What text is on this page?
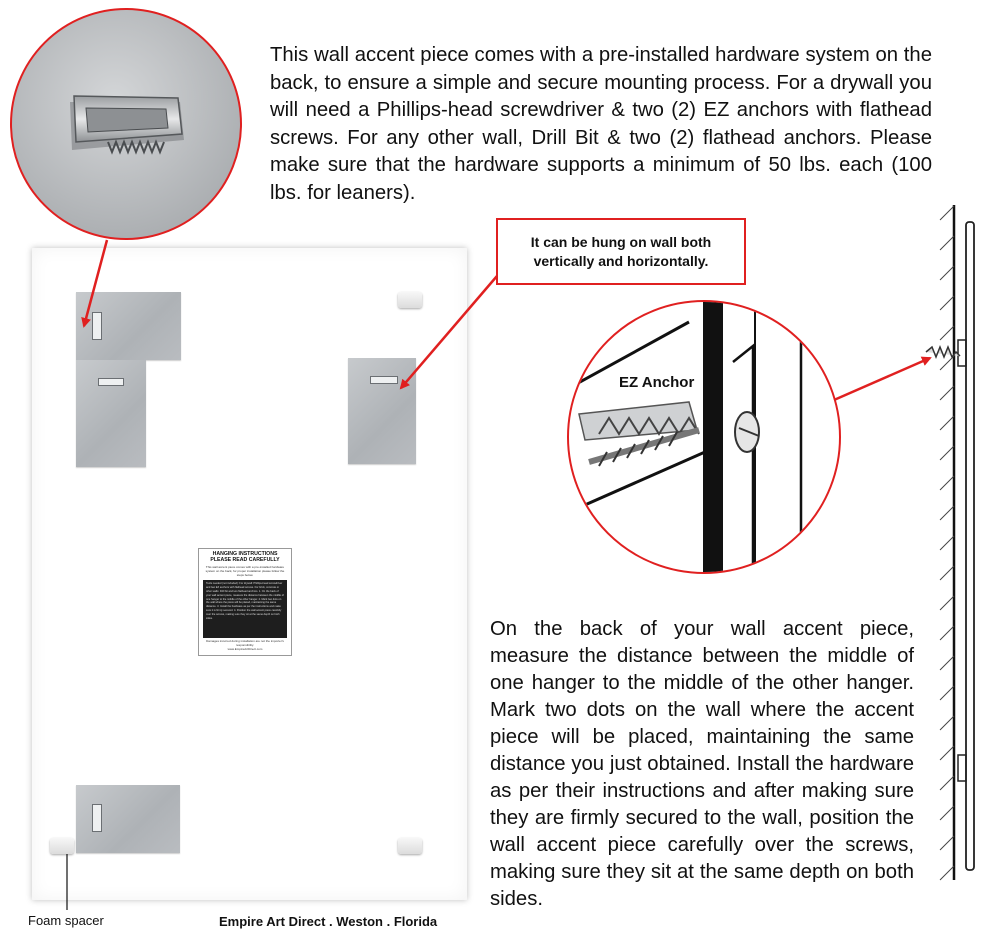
This wall accent piece comes with a pre-installed hardware system on the back, to ensure a simple and secure mounting process. For a drywall you will need a Phillips-head screwdriver & two (2) EZ anchors with flathead screws. For any other wall, Drill Bit & two (2) flathead anchors. Please make sure that the hardware supports a minimum of 50 lbs. each (100 lbs. for leaners).

HANGING INSTRUCTIONS
PLEASE READ CAREFULLY
This wall accent piece comes with a pre-installed hardware system on the back, for proper installation please follow the steps below.
Tools needed (not included): For drywall: Phillips-head screwdriver and two EZ anchors with flathead screws. For brick, concrete or other walls: Drill bit and two flathead anchors. 1. On the back of your wall accent piece, measure the distance between the middle of one hanger to the middle of the other hanger. 2. Mark two dots on the wall where the piece will be placed, maintaining the same distance. 3. Install the hardware as per the instructions and make sure it is firmly secured. 4. Position the wall accent piece carefully over the screws, making sure they sit at the same depth on both sides.
Damages incurred during installation are not the importer's responsibility.
www.EmpireArtDirect.com
It can be hung on wall both vertically and horizontally.
EZ Anchor

On the back of your wall accent piece, measure the distance between the middle of one hanger to the middle of the other hanger. Mark two dots on the wall where the accent piece will be placed, maintaining the same distance you just obtained. Install the hardware as per their instructions and after making sure they are firmly secured to the wall, position the wall accent piece carefully over the screws, making sure they sit at the same depth on both sides.

Foam spacer	Empire Art Direct . Weston . Florida
